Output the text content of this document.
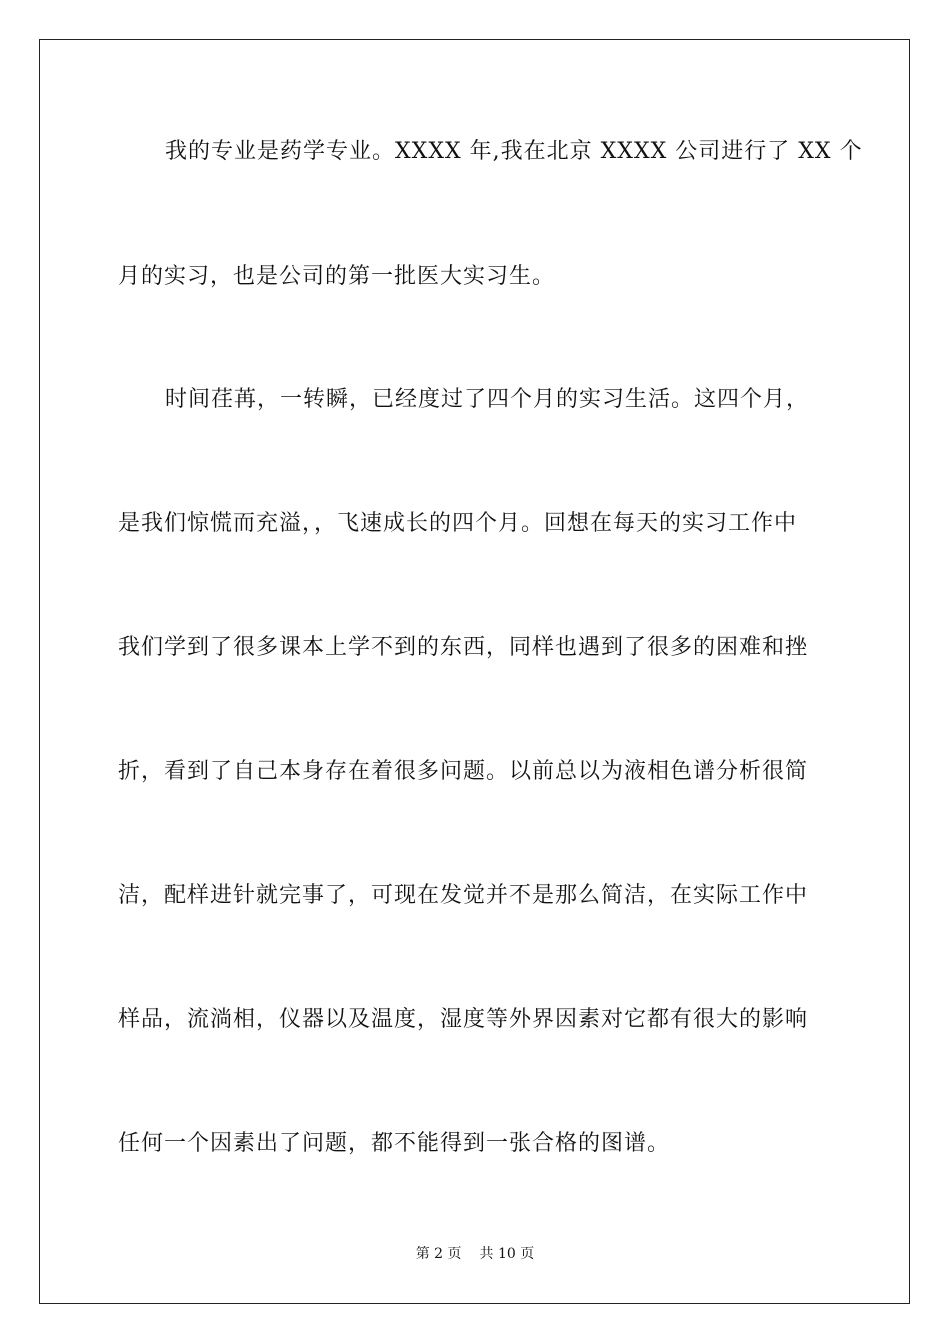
我的专业是药学专业。XXXX 年,我在北京 XXXX 公司进行了 XX 个
月的实习，也是公司的第一批医大实习生。
时间荏苒，一转瞬，已经度过了四个月的实习生活。这四个月，
是我们惊慌而充溢，，飞速成长的四个月。回想在每天的实习工作中
我们学到了很多课本上学不到的东西，同样也遇到了很多的困难和挫
折，看到了自己本身存在着很多问题。以前总以为液相色谱分析很简
洁，配样进针就完事了，可现在发觉并不是那么简洁，在实际工作中
样品，流淌相，仪器以及温度，湿度等外界因素对它都有很大的影响
任何一个因素出了问题，都不能得到一张合格的图谱。
第 2 页 共 10 页
